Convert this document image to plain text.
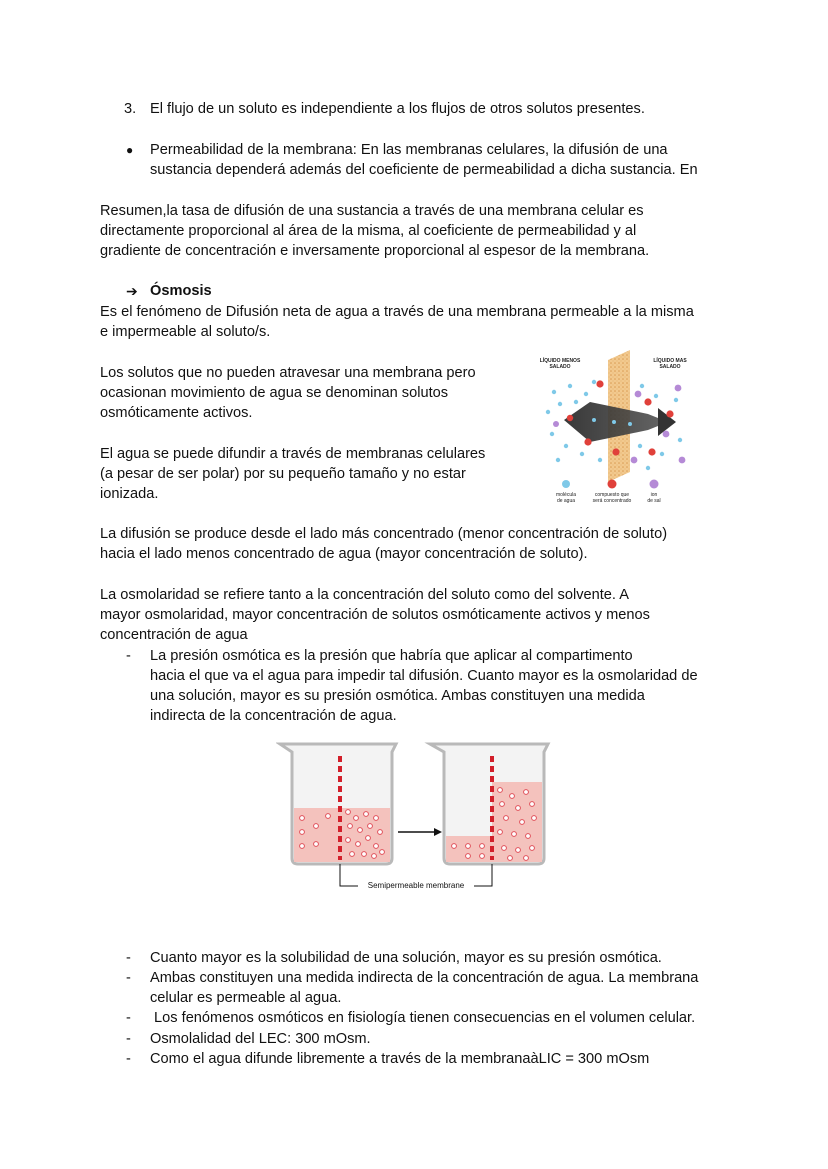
3. El flujo de un soluto es independiente a los flujos de otros solutos presentes.
● Permeabilidad de la membrana: En las membranas celulares, la difusión de una
sustancia dependerá además del coeficiente de permeabilidad a dicha sustancia. En
Resumen,la tasa de difusión de una sustancia a través de una membrana celular es
directamente proporcional al área de la misma, al coeficiente de permeabilidad y al
gradiente de concentración e inversamente proporcional al espesor de la membrana.
➔ Ósmosis
Es el fenómeno de Difusión neta de agua a través de una membrana permeable a la misma
e impermeable al soluto/s.
Los solutos que no pueden atravesar una membrana pero
ocasionan movimiento de agua se denominan solutos
osmóticamente activos.
El agua se puede difundir a través de membranas celulares
(a pesar de ser polar) por su pequeño tamaño y no estar
ionizada.
LÍQUIDO MENOS
SALADO
LÍQUIDO MAS
SALADO
molécula
de agua
compuesto que
será concentrado
ion
de sal
La difusión se produce desde el lado más concentrado (menor concentración de soluto)
hacia el lado menos concentrado de agua (mayor concentración de soluto).
La osmolaridad se refiere tanto a la concentración del soluto como del solvente. A
mayor osmolaridad, mayor concentración de solutos osmóticamente activos y menos
concentración de agua
- La presión osmótica es la presión que habría que aplicar al compartimento
hacia el que va el agua para impedir tal difusión. Cuanto mayor es la osmolaridad de
una solución, mayor es su presión osmótica. Ambas constituyen una medida
indirecta de la concentración de agua.
Semipermeable membrane
- Cuanto mayor es la solubilidad de una solución, mayor es su presión osmótica.
- Ambas constituyen una medida indirecta de la concentración de agua. La membrana
celular es permeable al agua.
- Los fenómenos osmóticos en fisiología tienen consecuencias en el volumen celular.
- Osmolalidad del LEC: 300 mOsm.
- Como el agua difunde libremente a través de la membranaàLIC = 300 mOsm
